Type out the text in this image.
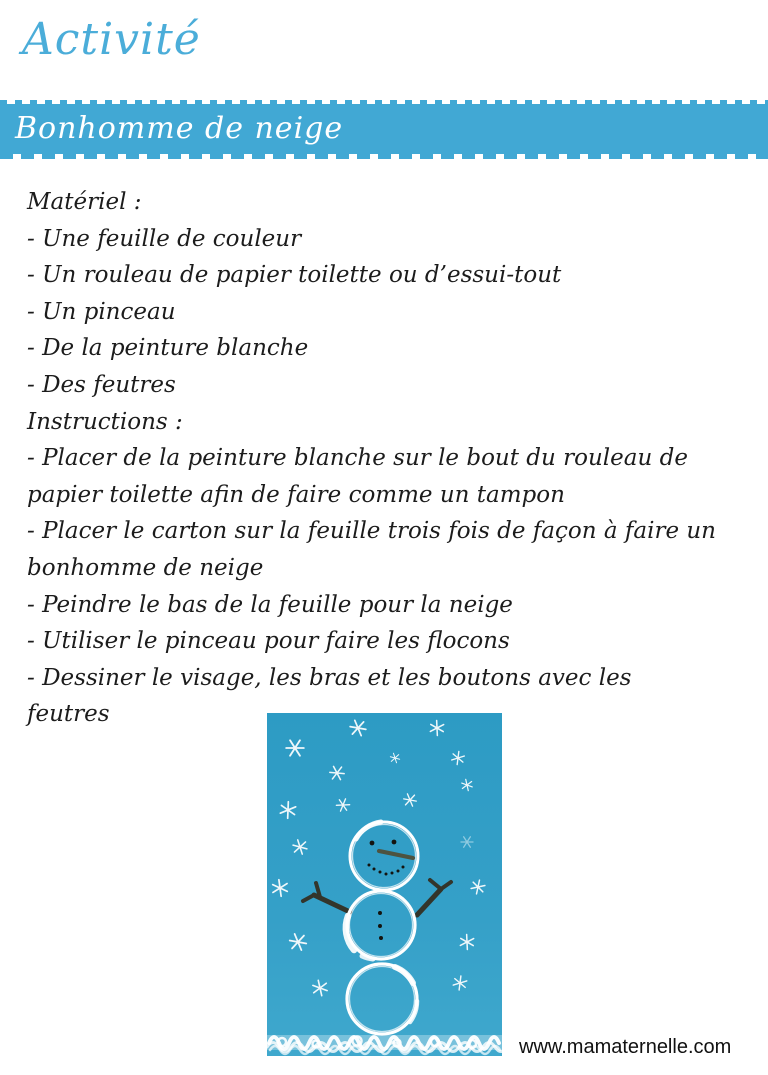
Activité
Bonhomme de neige

Matériel :

- Une feuille de couleur

- Un rouleau de papier toilette ou d’essui-tout

- Un pinceau

- De la peinture blanche

- Des feutres

Instructions :

- Placer de la peinture blanche sur le bout du rouleau de papier toilette afin de faire comme un tampon

- Placer le carton sur la feuille trois fois de façon à faire un bonhomme de neige

- Peindre le bas de la feuille pour la neige

- Utiliser le pinceau pour faire les flocons

- Dessiner le visage, les bras et les boutons avec les feutres

www.mamaternelle.com
